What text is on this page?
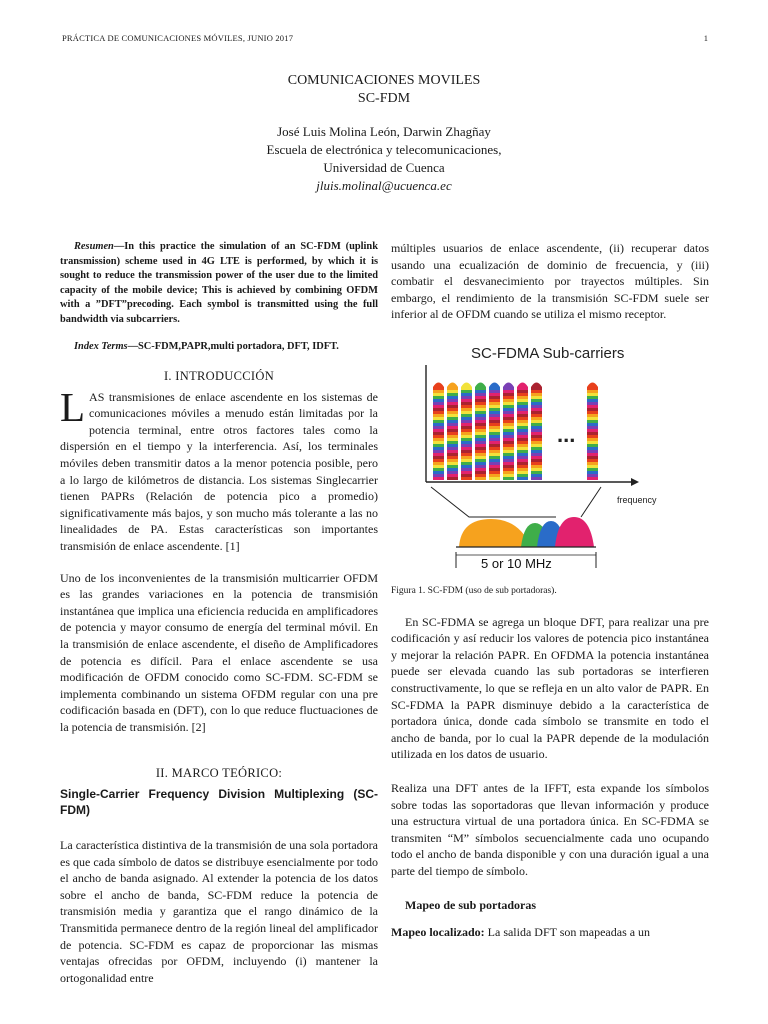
PRÁCTICA DE COMUNICACIONES MÓVILES, JUNIO 2017	1
COMUNICACIONES MOVILES
SC-FDM
José Luis Molina León, Darwin Zhagñay
Escuela de electrónica y telecomunicaciones,
Universidad de Cuenca
jluis.molinal@ucuenca.ec

Resumen—In this practice the simulation of an SC-FDM (uplink transmission) scheme used in 4G LTE is performed, by which it is sought to reduce the transmission power of the user due to the limited capacity of the mobile device; This is achieved by combining OFDM with a ”DFT”precoding. Each symbol is transmitted using the full bandwidth via subcarriers.

Index Terms—SC-FDM,PAPR,multi portadora, DFT, IDFT.
I. INTRODUCCIÓN

LAS transmisiones de enlace ascendente en los sistemas de comunicaciones móviles a menudo están limitadas por la potencia terminal, entre otros factores tales como la dispersión en el tiempo y la interferencia. Así, los terminales móviles deben transmitir datos a la menor potencia posible, pero a lo largo de kilómetros de distancia. Los sistemas Singlecarrier tienen PAPRs (Relación de potencia pico a promedio) significativamente más bajos, y son mucho más tolerante a las no linealidades de PA. Estas características son importantes transmisión de enlace ascendente. [1]

Uno de los inconvenientes de la transmisión multicarrier OFDM es las grandes variaciones en la potencia de transmisión instantánea que implica una eficiencia reducida en amplificadores de potencia y mayor consumo de energía del terminal móvil. En la transmisión de enlace ascendente, el diseño de Amplificadores de potencia es difícil. Para el enlace ascendente se usa modificación de OFDM conocido como SC-FDM. SC-FDM se implementa combinando un sistema OFDM regular con una pre codificación basada en (DFT), con lo que reduce fluctuaciones de la potencia de transmisión. [2]

II. MARCO TEÓRICO:
Single-Carrier Frequency Division Multiplexing (SC-FDM)

La característica distintiva de la transmisión de una sola portadora es que cada símbolo de datos se distribuye esencialmente por todo el ancho de banda asignado. Al extender la potencia de los datos sobre el ancho de banda, SC-FDM reduce la potencia de transmisión media y garantiza que el rango dinámico de la Transmitida permanece dentro de la región lineal del amplificador de potencia. SC-FDM es capaz de proporcionar las mismas ventajas ofrecidas por OFDM, incluyendo (i) mantener la ortogonalidad entre

múltiples usuarios de enlace ascendente, (ii) recuperar datos usando una ecualización de dominio de frecuencia, y (iii) combatir el desvanecimiento por trayectos múltiples. Sin embargo, el rendimiento de la transmisión SC-FDM suele ser inferior al de OFDM cuando se utiliza el mismo receptor.

SC-FDMA Sub-carriers
...
frequency
5 or 10 MHz
Figura 1. SC-FDM (uso de sub portadoras).

En SC-FDMA se agrega un bloque DFT, para realizar una pre codificación y así reducir los valores de potencia pico instantánea y mejorar la relación PAPR. En OFDMA la potencia instantánea puede ser elevada cuando las sub portadoras se interfieren constructivamente, lo que se refleja en un alto valor de PAPR. En SC-FDMA la PAPR disminuye debido a la característica de portadora única, donde cada símbolo se transmite en todo el ancho de banda, por lo cual la PAPR depende de la modulación utilizada en los datos de usuario.

Realiza una DFT antes de la IFFT, esta expande los símbolos sobre todas las soportadoras que llevan información y produce una estructura virtual de una portadora única. En SC-FDMA se transmiten “M” símbolos secuencialmente cada uno ocupando todo el ancho de banda disponible y con una duración igual a una parte del tiempo de símbolo.

Mapeo de sub portadoras

Mapeo localizado: La salida DFT son mapeadas a un
